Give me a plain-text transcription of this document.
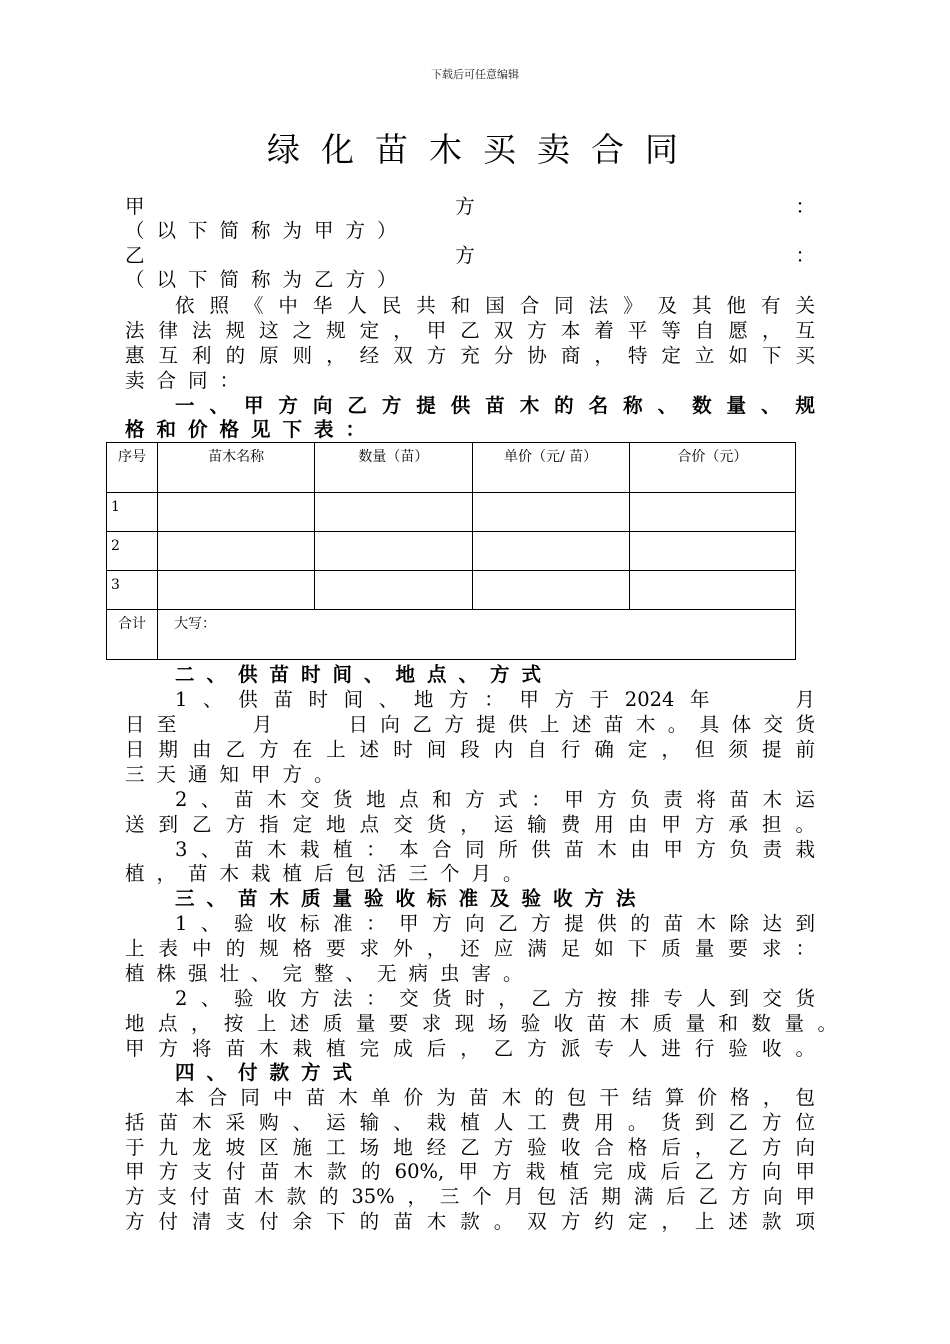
下载后可任意编辑
绿化苗木买卖合同
甲	方	：
（以下简称为甲方）
乙	方	：
（以下简称为乙方）
依照《中华人民共和国合同法》及其他有关
法律法规这之规定，甲乙双方本着平等自愿，互
惠互利的原则，经双方充分协商，特定立如下买
卖合同：
一、甲方向乙方提供苗木的名称、数量、规
格和价格见下表：
序号	苗木名称	数量（苗）	单价（元/ 苗）	合价（元）
1				
2				
3				
合计	大写：			
二、供苗时间、地点、方式
1、供苗时间、地方：甲方于2024年　　月
日至　　月　　日向乙方提供上述苗木。具体交货
日期由乙方在上述时间段内自行确定，但须提前
三天通知甲方。
2、苗木交货地点和方式：甲方负责将苗木运
送到乙方指定地点交货，运输费用由甲方承担。
3、苗木栽植：本合同所供苗木由甲方负责栽
植，苗木栽植后包活三个月。
三、苗木质量验收标准及验收方法
1、验收标准：甲方向乙方提供的苗木除达到
上表中的规格要求外，还应满足如下质量要求：
植株强壮、完整、无病虫害。
2、验收方法：交货时，乙方按排专人到交货
地点，按上述质量要求现场验收苗木质量和数量。
甲方将苗木栽植完成后，乙方派专人进行验收。
四、付款方式
本合同中苗木单价为苗木的包干结算价格，包
括苗木采购、运输、栽植人工费用。货到乙方位
于九龙坡区施工场地经乙方验收合格后，乙方向
甲方支付苗木款的60%,甲方栽植完成后乙方向甲
方支付苗木款的35%，三个月包活期满后乙方向甲
方付清支付余下的苗木款。双方约定，上述款项
